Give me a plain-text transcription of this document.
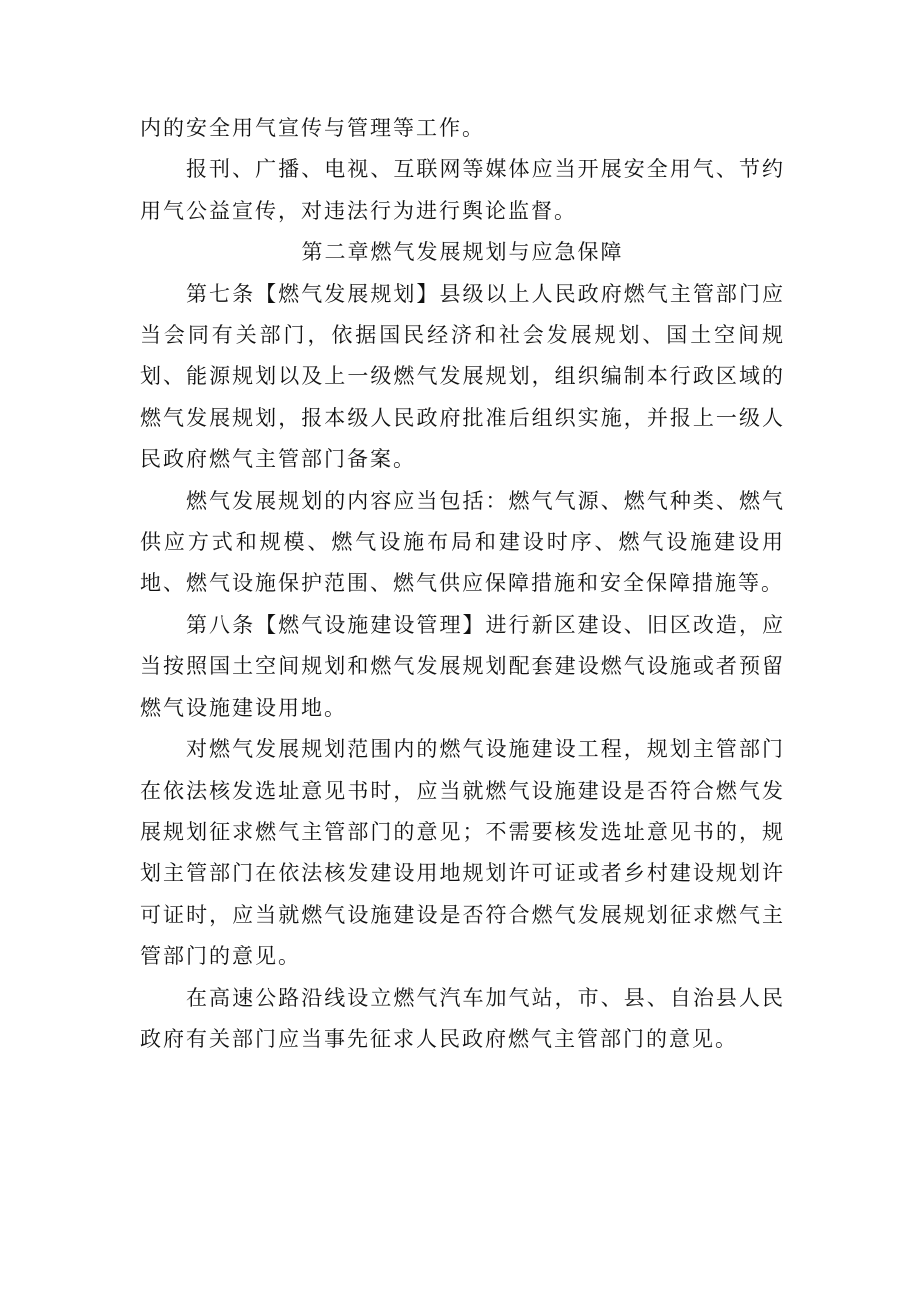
内的安全用气宣传与管理等工作。

报刊、广播、电视、互联网等媒体应当开展安全用气、节约用气公益宣传，对违法行为进行舆论监督。

第二章燃气发展规划与应急保障

第七条【燃气发展规划】县级以上人民政府燃气主管部门应当会同有关部门，依据国民经济和社会发展规划、国土空间规划、能源规划以及上一级燃气发展规划，组织编制本行政区域的燃气发展规划，报本级人民政府批准后组织实施，并报上一级人民政府燃气主管部门备案。

燃气发展规划的内容应当包括：燃气气源、燃气种类、燃气供应方式和规模、燃气设施布局和建设时序、燃气设施建设用地、燃气设施保护范围、燃气供应保障措施和安全保障措施等。

第八条【燃气设施建设管理】进行新区建设、旧区改造，应当按照国土空间规划和燃气发展规划配套建设燃气设施或者预留燃气设施建设用地。

对燃气发展规划范围内的燃气设施建设工程，规划主管部门在依法核发选址意见书时，应当就燃气设施建设是否符合燃气发展规划征求燃气主管部门的意见；不需要核发选址意见书的，规划主管部门在依法核发建设用地规划许可证或者乡村建设规划许可证时，应当就燃气设施建设是否符合燃气发展规划征求燃气主管部门的意见。

在高速公路沿线设立燃气汽车加气站，市、县、自治县人民政府有关部门应当事先征求人民政府燃气主管部门的意见。
